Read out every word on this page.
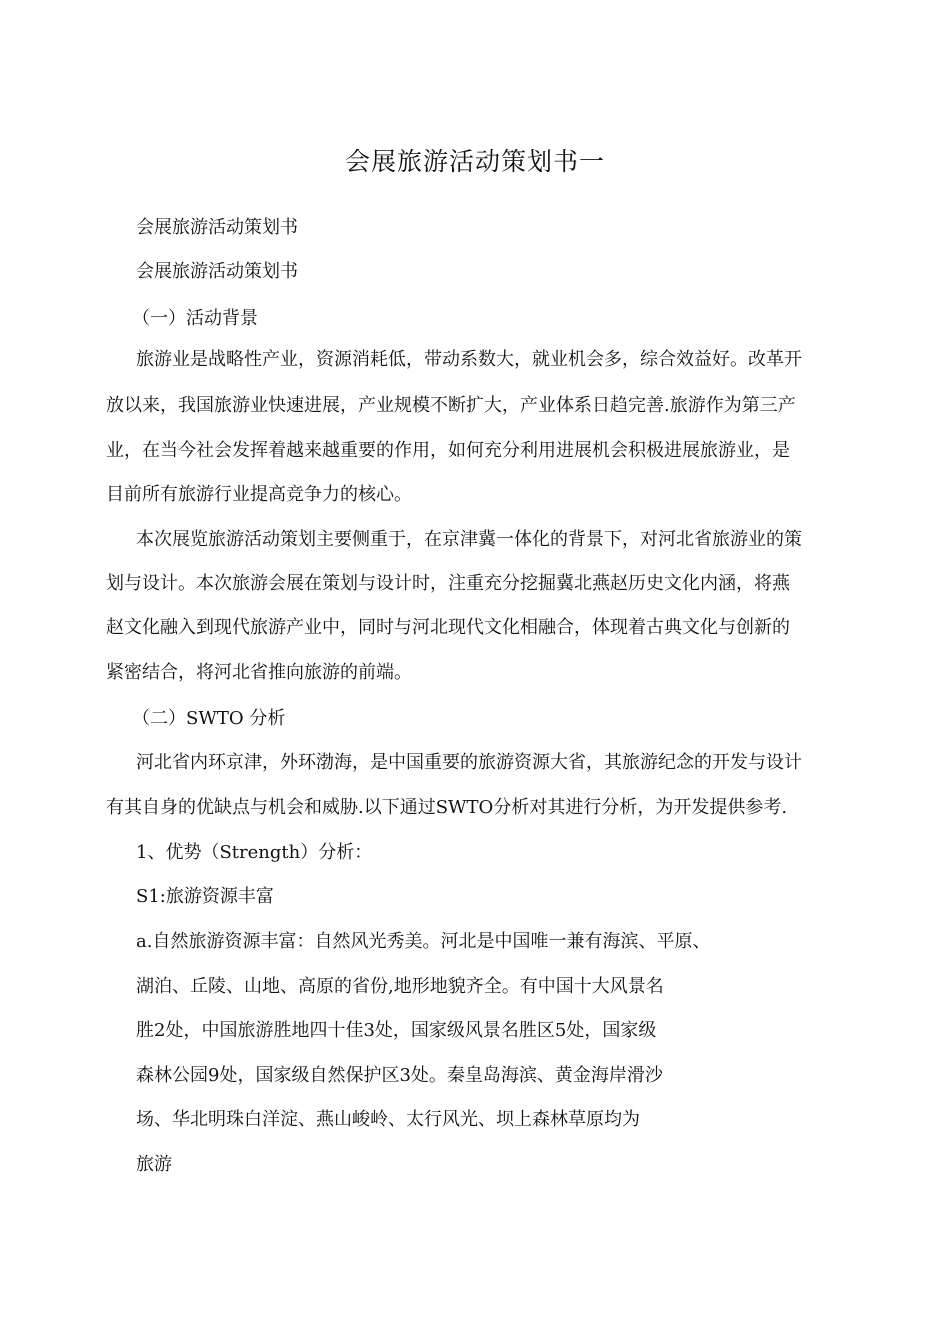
会展旅游活动策划书一

会展旅游活动策划书

会展旅游活动策划书

（一）活动背景

旅游业是战略性产业，资源消耗低，带动系数大，就业机会多，综合效益好。改革开

放以来，我国旅游业快速进展，产业规模不断扩大，产业体系日趋完善.旅游作为第三产

业，在当今社会发挥着越来越重要的作用，如何充分利用进展机会积极进展旅游业，是

目前所有旅游行业提高竞争力的核心。

本次展览旅游活动策划主要侧重于，在京津冀一体化的背景下，对河北省旅游业的策

划与设计。本次旅游会展在策划与设计时，注重充分挖掘冀北燕赵历史文化内涵，将燕

赵文化融入到现代旅游产业中，同时与河北现代文化相融合，体现着古典文化与创新的

紧密结合，将河北省推向旅游的前端。

（二）SWTO 分析

河北省内环京津，外环渤海，是中国重要的旅游资源大省，其旅游纪念的开发与设计

有其自身的优缺点与机会和威胁.以下通过SWTO分析对其进行分析，为开发提供参考.

1、优势（Strength）分析：

S1:旅游资源丰富

a.自然旅游资源丰富：自然风光秀美。河北是中国唯一兼有海滨、平原、

湖泊、丘陵、山地、高原的省份,地形地貌齐全。有中国十大风景名

胜2处，中国旅游胜地四十佳3处，国家级风景名胜区5处，国家级

森林公园9处，国家级自然保护区3处。秦皇岛海滨、黄金海岸滑沙

场、华北明珠白洋淀、燕山峻岭、太行风光、坝上森林草原均为

旅游
